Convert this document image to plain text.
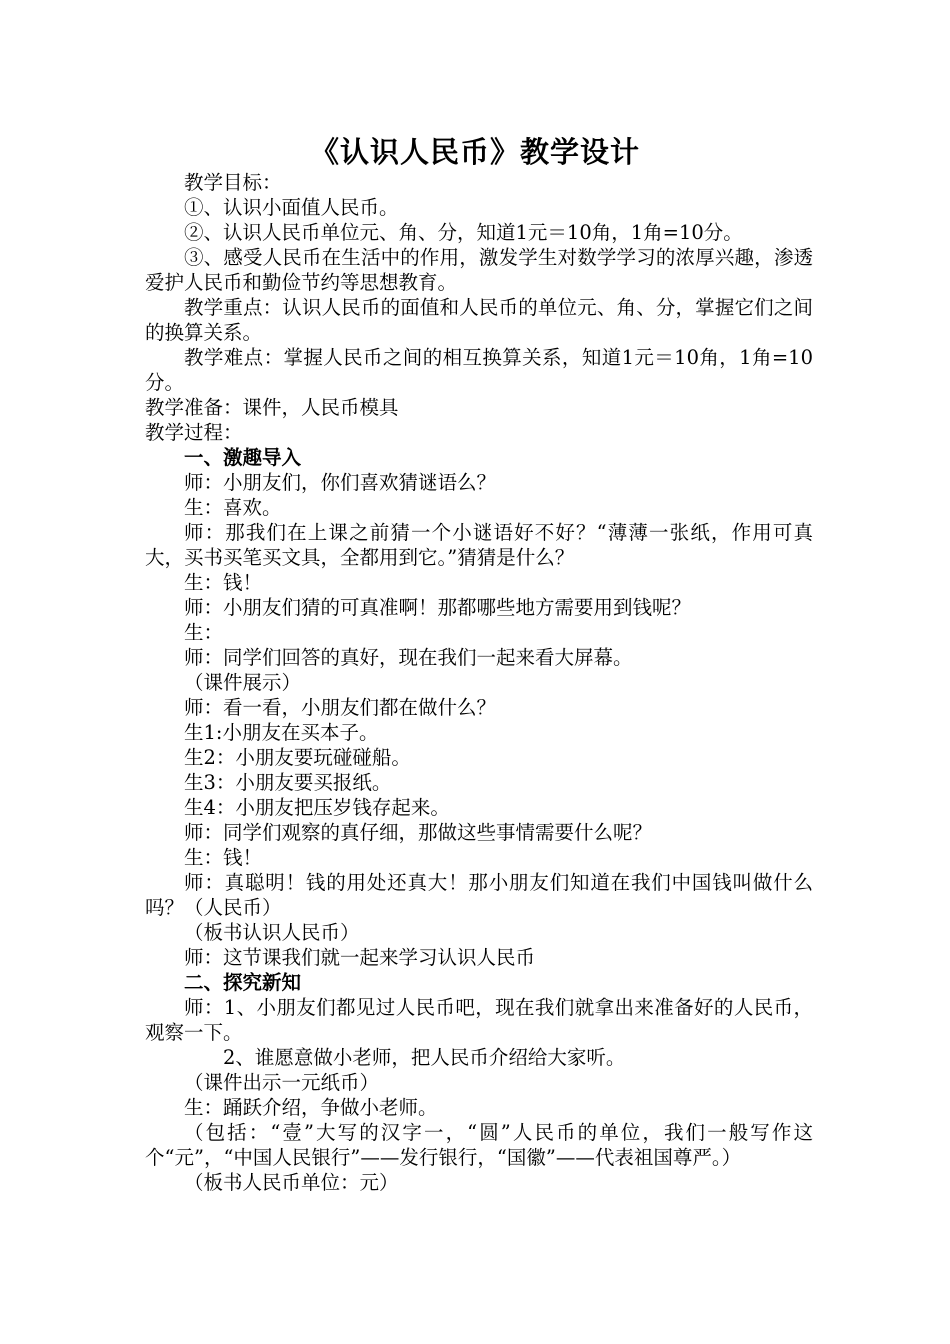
《认识人民币》教学设计

教学目标：

①、认识小面值人民币。

②、认识人民币单位元、角、分，知道1元＝10角，1角=10分。

③、感受人民币在生活中的作用，激发学生对数学学习的浓厚兴趣，渗透爱护人民币和勤俭节约等思想教育。

教学重点：认识人民币的面值和人民币的单位元、角、分，掌握它们之间的换算关系。

教学难点：掌握人民币之间的相互换算关系，知道1元＝10角，1角=10分。

教学准备：课件，人民币模具

教学过程：

一、激趣导入

师：小朋友们，你们喜欢猜谜语么？

生：喜欢。

师：那我们在上课之前猜一个小谜语好不好？“薄薄一张纸，作用可真大，买书买笔买文具，全都用到它。”猜猜是什么？

生：钱！

师：小朋友们猜的可真准啊！那都哪些地方需要用到钱呢？

生：

师：同学们回答的真好，现在我们一起来看大屏幕。

（课件展示）

师：看一看，小朋友们都在做什么？

生1:小朋友在买本子。

生2：小朋友要玩碰碰船。

生3：小朋友要买报纸。

生4：小朋友把压岁钱存起来。

师：同学们观察的真仔细，那做这些事情需要什么呢？

生：钱！

师：真聪明！钱的用处还真大！那小朋友们知道在我们中国钱叫做什么吗？（人民币）

（板书认识人民币）

师：这节课我们就一起来学习认识人民币

二、探究新知

师：1、小朋友们都见过人民币吧，现在我们就拿出来准备好的人民币，观察一下。

2、谁愿意做小老师，把人民币介绍给大家听。

（课件出示一元纸币）

生：踊跃介绍，争做小老师。

（包括：“壹”大写的汉字一，“圆”人民币的单位，我们一般写作这个“元”，“中国人民银行”——发行银行，“国徽”——代表祖国尊严。）

（板书人民币单位：元）
